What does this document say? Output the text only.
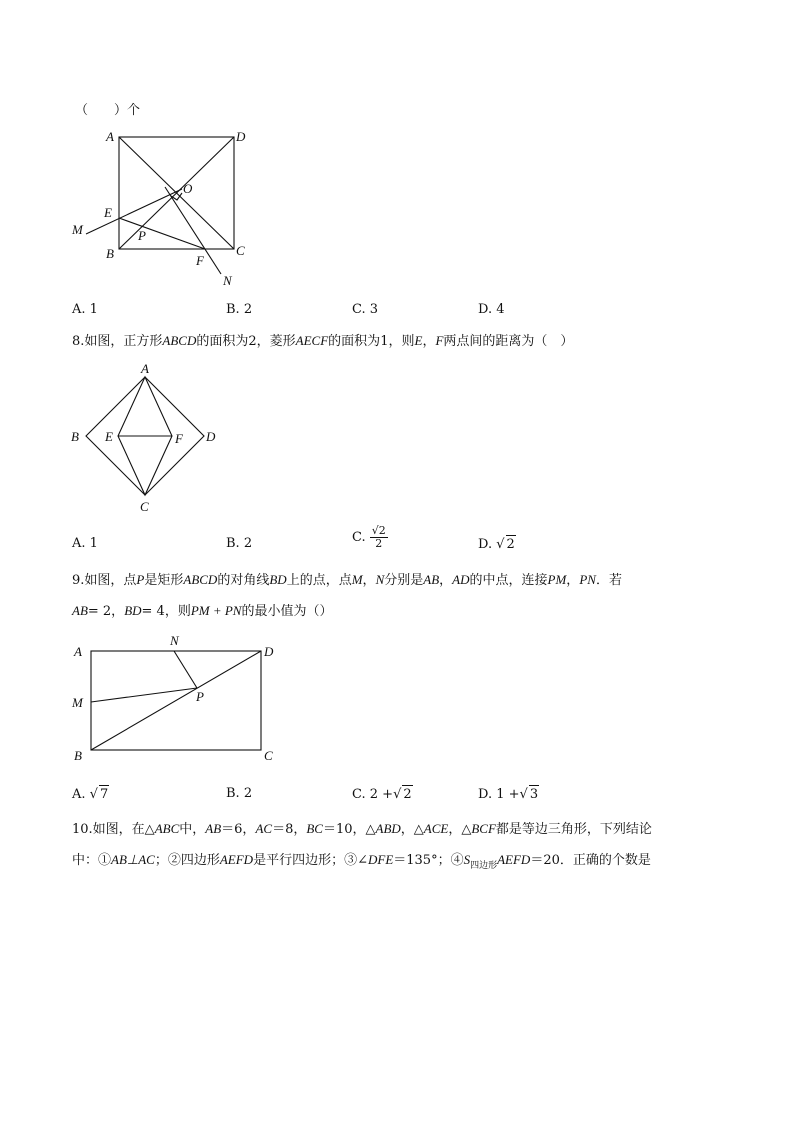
（　　）个
A	D
O
E
M	P
B	F
C
N
A. 1	B. 2	C. 3	D. 4
8.如图，正方形ABCD的面积为2，菱形AECF的面积为1，则E，F两点间的距离为（　）
A
B E	F D
C
A. 1	B. 2	C. $\frac{√2}{2}$	D. √ 2
9.如图，点P是矩形ABCD的对角线BD上的点，点M，N分别是AB，AD的中点，连接PM，PN．若
AB= 2，BD= 4，则PM + PN的最小值为（）
A
N
D
M	P
B	C
A. √ 7	B. 2	C. 2 +√ 2	D. 1 +√ 3
10.如图，在△ABC中，AB＝6，AC＝8，BC＝10，△ABD，△ACE，△BCF都是等边三角形，下列结论
中：①AB⊥AC；②四边形AEFD是平行四边形；③∠DFE＝135°；$④S_{四边形}AEFD=20$．正确的个数是
